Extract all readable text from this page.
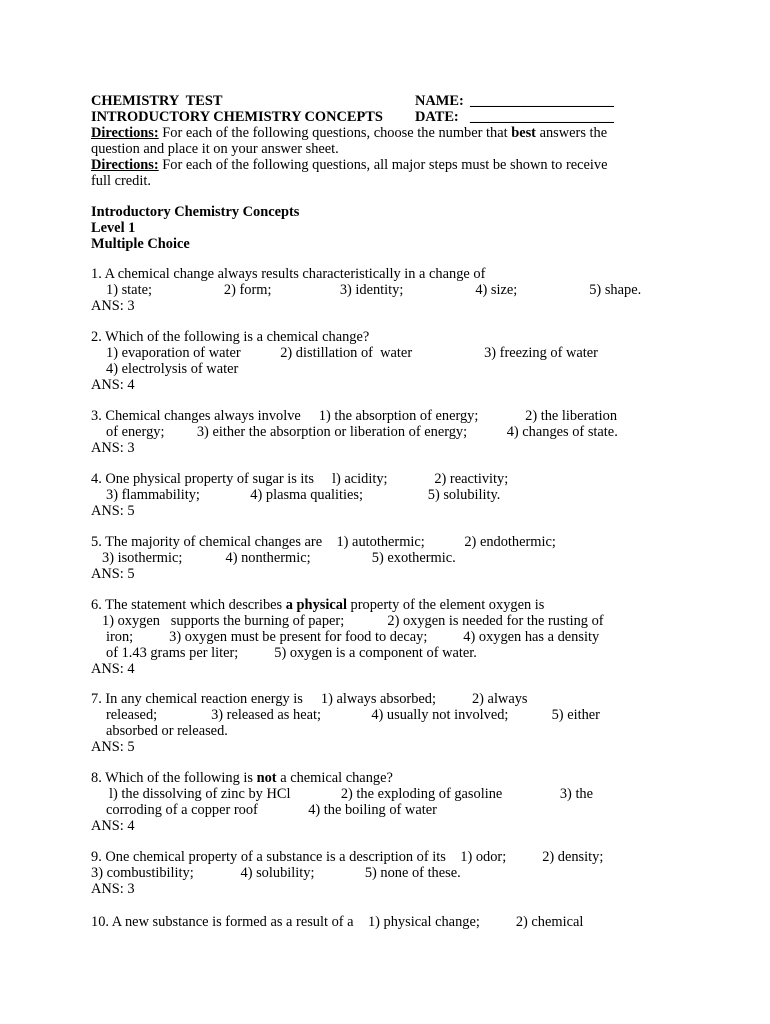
CHEMISTRY  TEST
INTRODUCTORY CHEMISTRY CONCEPTS
NAME: ____________________
DATE: ____________________
Directions: For each of the following questions, choose the number that best answers the
question and place it on your answer sheet.
Directions: For each of the following questions, all major steps must be shown to receive
full credit.
Introductory Chemistry Concepts
Level 1
Multiple Choice
1. A chemical change always results characteristically in a change of
1) state;                    2) form;                   3) identity;                    4) size;                    5) shape.
ANS: 3
2. Which of the following is a chemical change?
1) evaporation of water           2) distillation of  water                    3) freezing of water
4) electrolysis of water
ANS: 4
3. Chemical changes always involve     1) the absorption of energy;             2) the liberation
of energy;         3) either the absorption or liberation of energy;           4) changes of state.
ANS: 3
4. One physical property of sugar is its     l) acidity;             2) reactivity;
3) flammability;              4) plasma qualities;                  5) solubility.
ANS: 5
5. The majority of chemical changes are    1) autothermic;           2) endothermic;
3) isothermic;            4) nonthermic;                 5) exothermic.
ANS: 5
6. The statement which describes a physical property of the element oxygen is
1) oxygen   supports the burning of paper;            2) oxygen is needed for the rusting of
iron;          3) oxygen must be present for food to decay;          4) oxygen has a density
of 1.43 grams per liter;          5) oxygen is a component of water.
ANS: 4
7. In any chemical reaction energy is     1) always absorbed;          2) always
released;               3) released as heat;              4) usually not involved;            5) either
absorbed or released.
ANS: 5
8. Which of the following is not a chemical change?
l) the dissolving of zinc by HCl              2) the exploding of gasoline                3) the
corroding of a copper roof              4) the boiling of water
ANS: 4
9. One chemical property of a substance is a description of its    1) odor;          2) density;
3) combustibility;             4) solubility;              5) none of these.
ANS: 3
10. A new substance is formed as a result of a    1) physical change;          2) chemical
